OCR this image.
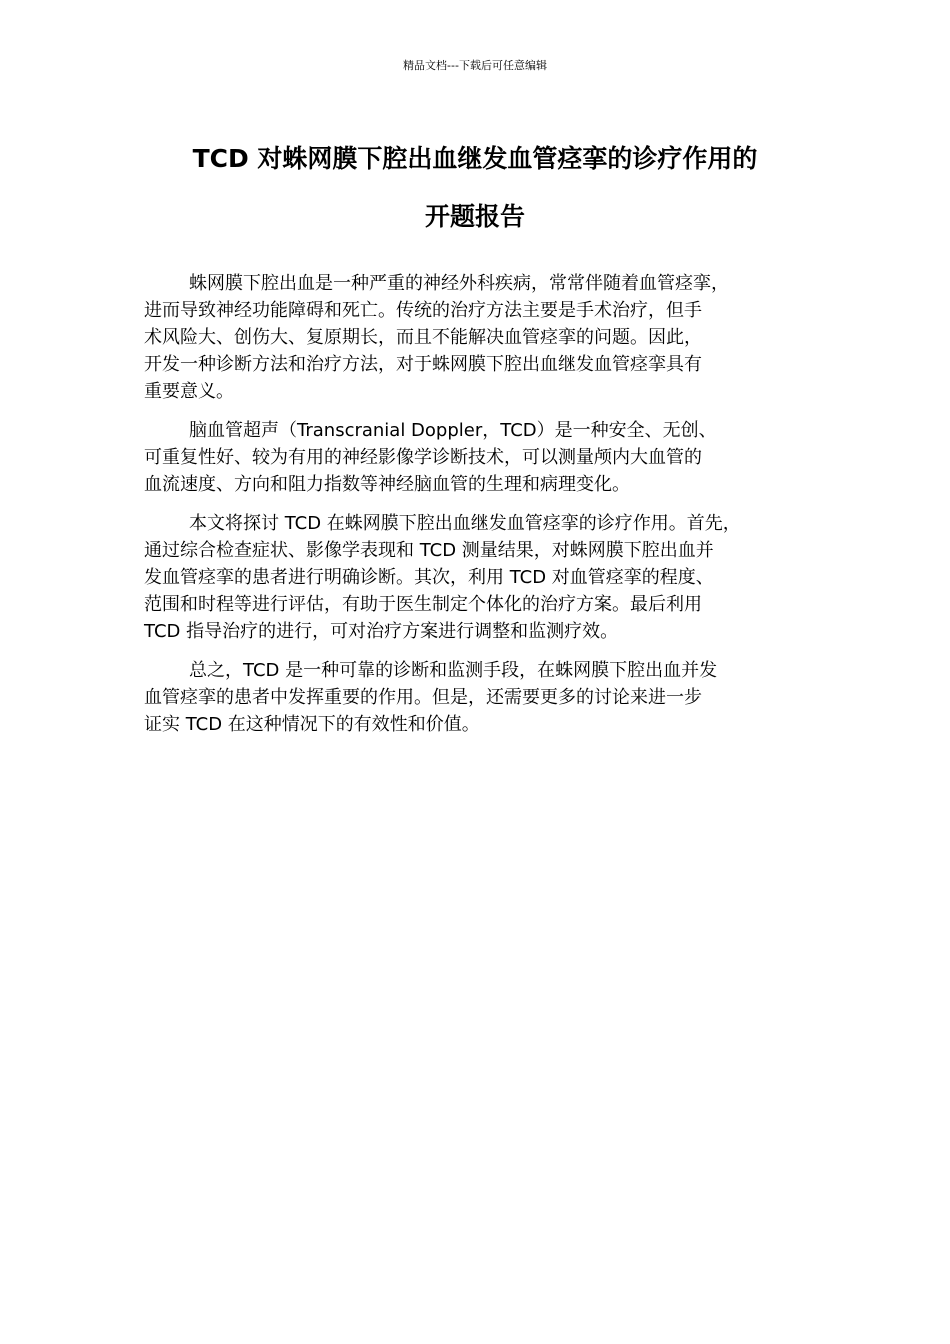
精品文档---下载后可任意编辑
TCD 对蛛网膜下腔出血继发血管痉挛的诊疗作用的
开题报告

蛛网膜下腔出血是一种严重的神经外科疾病，常常伴随着血管痉挛，
进而导致神经功能障碍和死亡。传统的治疗方法主要是手术治疗，但手
术风险大、创伤大、复原期长，而且不能解决血管痉挛的问题。因此，
开发一种诊断方法和治疗方法，对于蛛网膜下腔出血继发血管痉挛具有
重要意义。

脑血管超声（Transcranial Doppler，TCD）是一种安全、无创、
可重复性好、较为有用的神经影像学诊断技术，可以测量颅内大血管的
血流速度、方向和阻力指数等神经脑血管的生理和病理变化。

本文将探讨 TCD 在蛛网膜下腔出血继发血管痉挛的诊疗作用。首先，
通过综合检查症状、影像学表现和 TCD 测量结果，对蛛网膜下腔出血并
发血管痉挛的患者进行明确诊断。其次，利用 TCD 对血管痉挛的程度、
范围和时程等进行评估，有助于医生制定个体化的治疗方案。最后利用
TCD 指导治疗的进行，可对治疗方案进行调整和监测疗效。

总之，TCD 是一种可靠的诊断和监测手段，在蛛网膜下腔出血并发
血管痉挛的患者中发挥重要的作用。但是，还需要更多的讨论来进一步
证实 TCD 在这种情况下的有效性和价值。
